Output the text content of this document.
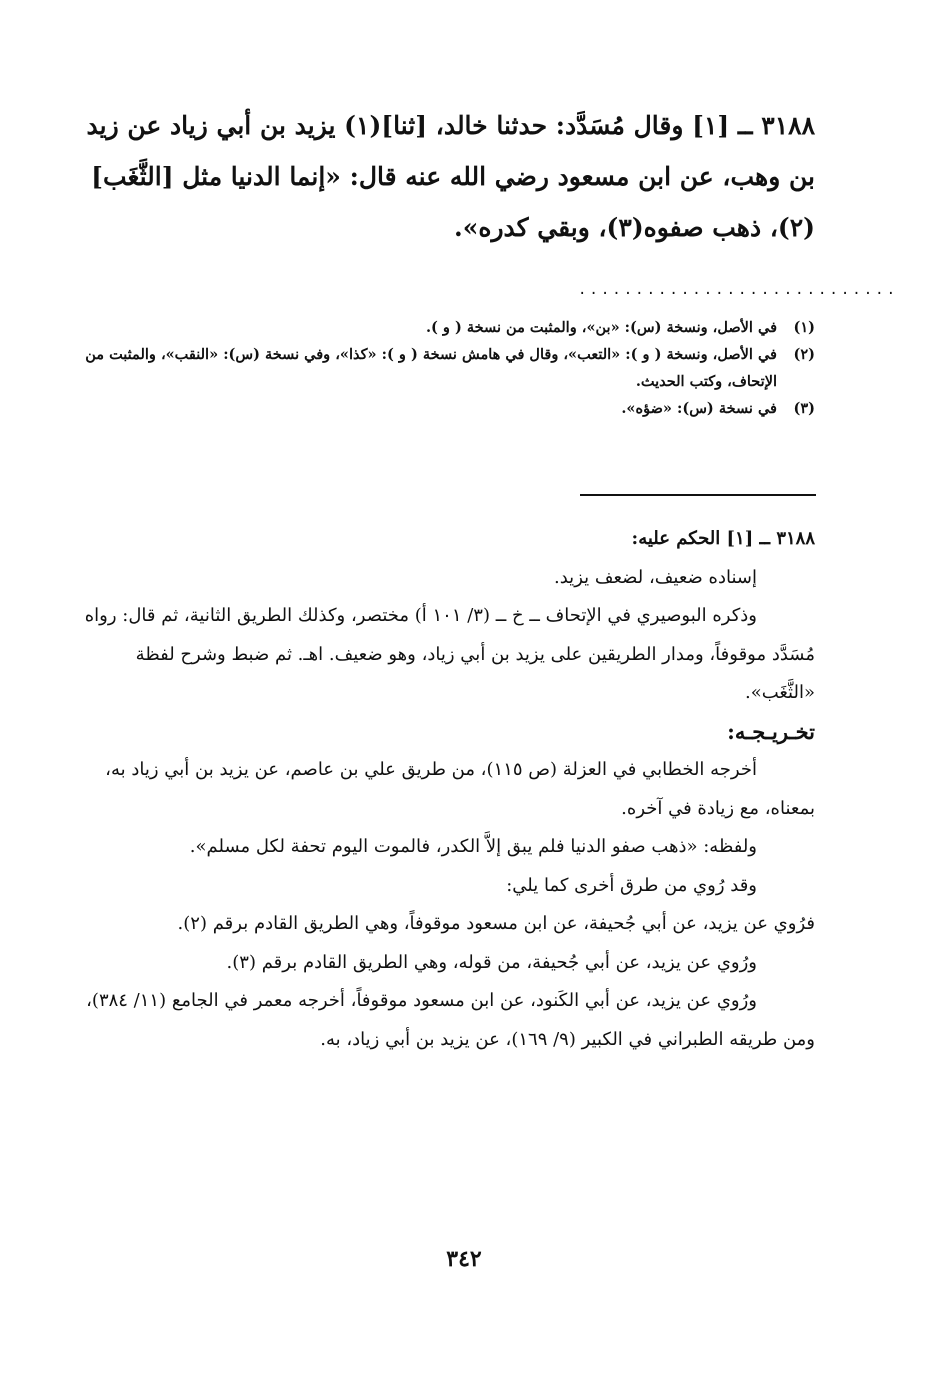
٣١٨٨ ــ [١] وقال مُسَدَّد: حدثنا خالد، [ثنا](١) يزيد بن أبي زياد عن زيد بن وهب، عن ابن مسعود رضي الله عنه قال: «إنما الدنيا مثل [الثَّغَب](٢)، ذهب صفوه(٣)، وبقي كدره».
............................
(١)
في الأصل، ونسخة (س): «بن»، والمثبت من نسخة ( و ).
(٢)
في الأصل، ونسخة ( و ): «التعب»، وقال في هامش نسخة ( و ): «كذا»، وفي نسخة (س): «النقب»، والمثبت من الإتحاف، وكتب الحديث.
(٣)
في نسخة (س): «ضؤه».

٣١٨٨ ــ [١] الحكم عليه:

إسناده ضعيف، لضعف يزيد.

وذكره البوصيري في الإتحاف ــ خ ــ (٣/ ١٠١ أ) مختصر، وكذلك الطريق الثانية، ثم قال: رواه مُسَدَّد موقوفاً، ومدار الطريقين على يزيد بن أبي زياد، وهو ضعيف. اهـ. ثم ضبط وشرح لفظة «الثَّغَب».

تخـريـجـه:

أخرجه الخطابي في العزلة (ص ١١٥)، من طريق علي بن عاصم، عن يزيد بن أبي زياد به، بمعناه، مع زيادة في آخره.

ولفظه: «ذهب صفو الدنيا فلم يبق إلاَّ الكدر، فالموت اليوم تحفة لكل مسلم».

وقد رُوي من طرق أخرى كما يلي:

فرُوي عن يزيد، عن أبي جُحيفة، عن ابن مسعود موقوفاً، وهي الطريق القادم برقم (٢).

ورُوي عن يزيد، عن أبي جُحيفة، من قوله، وهي الطريق القادم برقم (٣).

ورُوي عن يزيد، عن أبي الكَنود، عن ابن مسعود موقوفاً، أخرجه معمر في الجامع (١١/ ٣٨٤)، ومن طريقه الطبراني في الكبير (٩/ ١٦٩)، عن يزيد بن أبي زياد، به.

٣٤٢
